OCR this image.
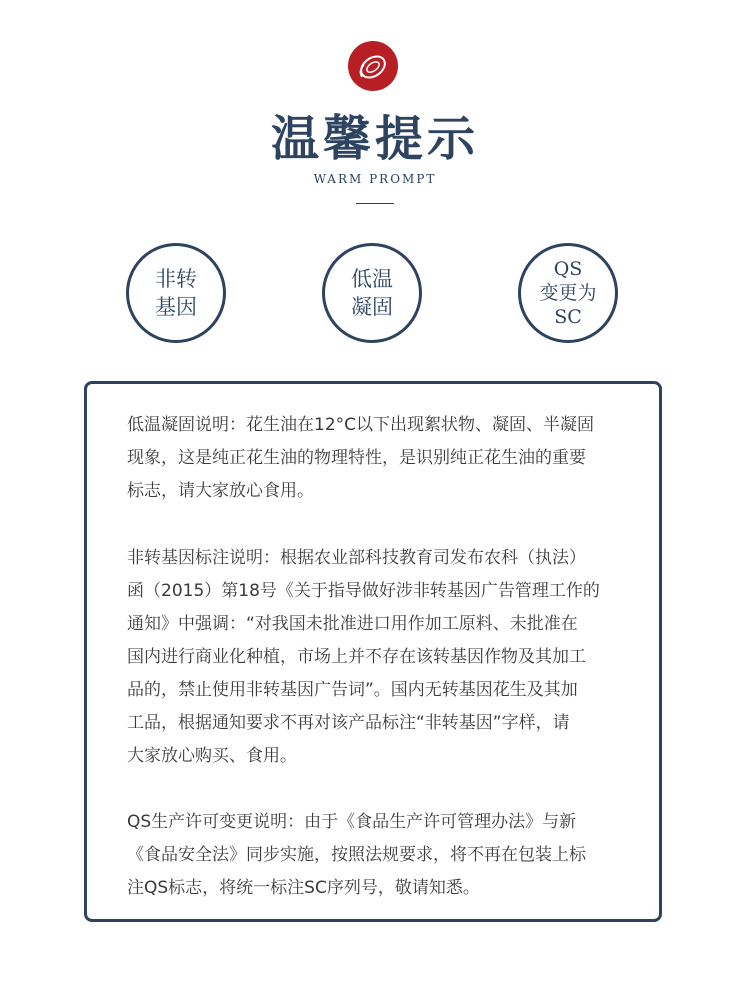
温馨提示
WARM PROMPT
非转
基因
低温
凝固
QS
变更为
SC
低温凝固说明：花生油在12°C以下出现絮状物、凝固、半凝固
现象，这是纯正花生油的物理特性，是识别纯正花生油的重要
标志，请大家放心食用。
非转基因标注说明：根据农业部科技教育司发布农科（执法）
函（2015）第18号《关于指导做好涉非转基因广告管理工作的
通知》中强调：“对我国未批准进口用作加工原料、未批准在
国内进行商业化种植，市场上并不存在该转基因作物及其加工
品的，禁止使用非转基因广告词”。国内无转基因花生及其加
工品，根据通知要求不再对该产品标注“非转基因”字样，请
大家放心购买、食用。
QS生产许可变更说明：由于《食品生产许可管理办法》与新
《食品安全法》同步实施，按照法规要求，将不再在包装上标
注QS标志，将统一标注SC序列号，敬请知悉。
